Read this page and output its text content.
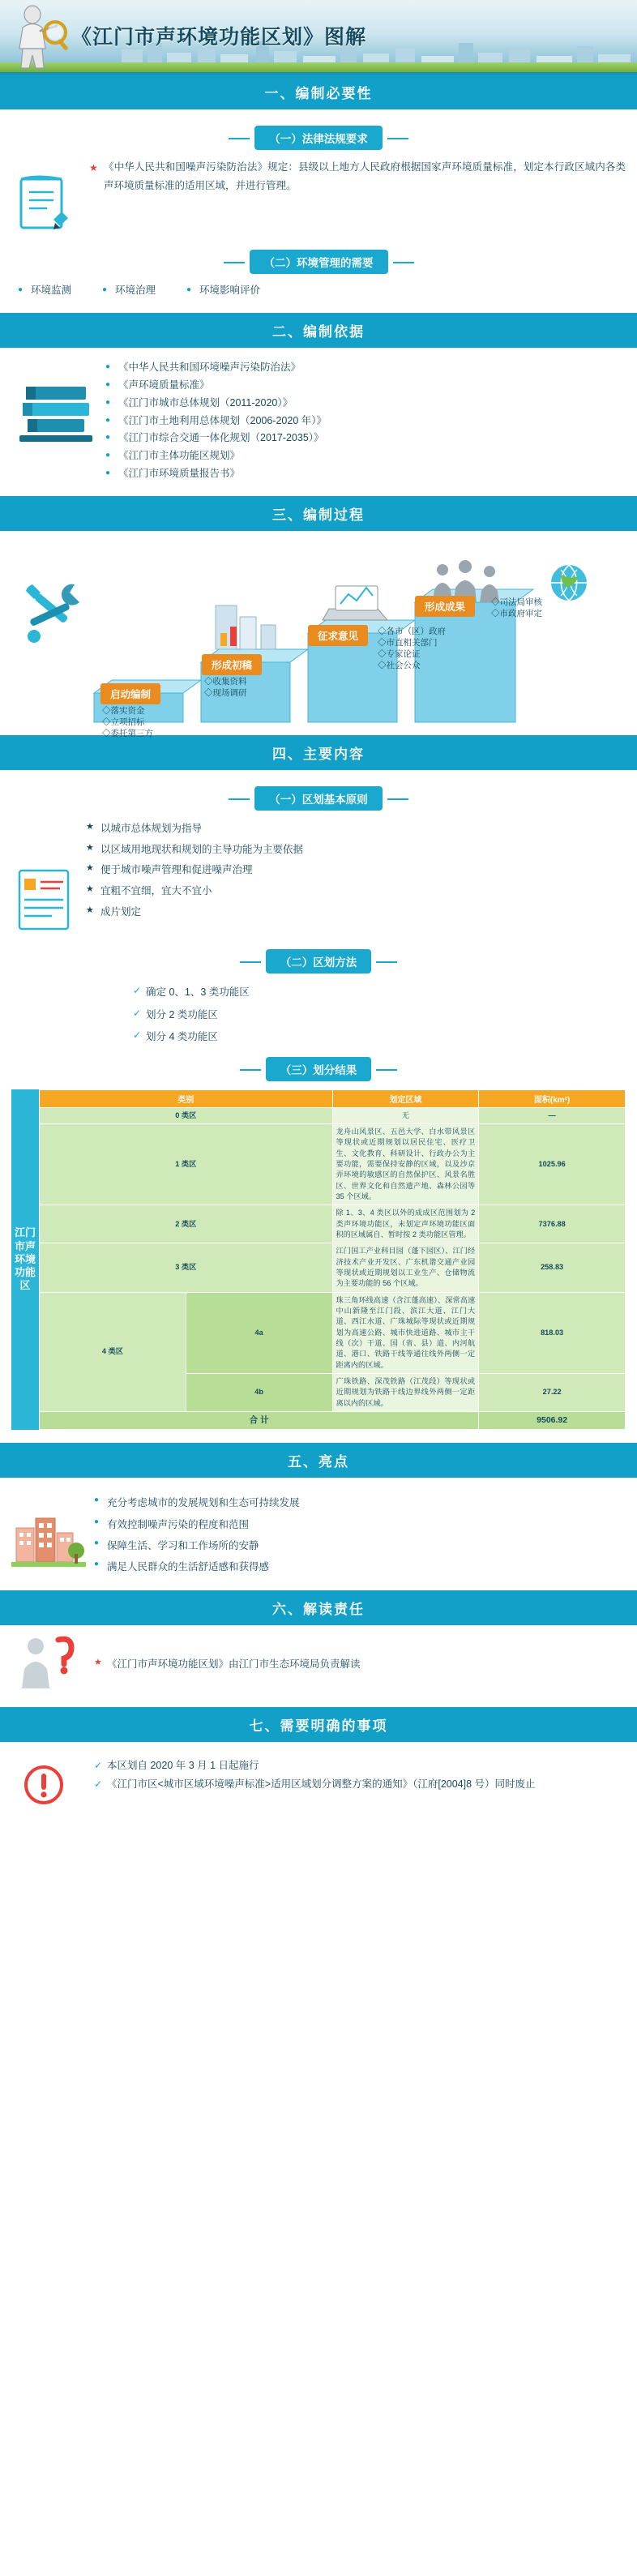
《江门市声环境功能区划》图解
一、编制必要性
（一）法律法规要求
★ 《中华人民共和国噪声污染防治法》规定：县级以上地方人民政府根据国家声环境质量标准，划定本行政区域内各类声环境质量标准的适用区域，并进行管理。
（二）环境管理的需要
● 环境监测	● 环境治理	● 环境影响评价
二、编制依据
● 《中华人民共和国环境噪声污染防治法》
● 《声环境质量标准》
● 《江门市城市总体规划（2011-2020）》
● 《江门市土地利用总体规划（2006-2020 年）》
● 《江门市综合交通一体化规划（2017-2035）》
● 《江门市主体功能区规划》
● 《江门市环境质量报告书》
三、编制过程
启动编制
形成初稿
征求意见
形成成果
◇落实资金
◇立项招标
◇委托第三方
◇收集资料
◇现场调研
◇各市（区）政府
◇市直相关部门
◇专家论证
◇社会公众
◇司法局审核
◇市政府审定
四、主要内容
（一）区划基本原则
★ 以城市总体规划为指导
★ 以区域用地现状和规划的主导功能为主要依据
★ 便于城市噪声管理和促进噪声治理
★ 宜粗不宜细，宜大不宜小
★ 成片划定
（二）区划方法
✓ 确定 0、1、3 类功能区
✓ 划分 2 类功能区
✓ 划分 4 类功能区
（三）划分结果
江门市声环境功能区
类别		划定区域	面积(km²)
0 类区		无	—
1 类区		龙舟山风景区、五邑大学、白水带风景区等现状或近期规划以居民住宅、医疗卫生、文化教育、科研设计、行政办公为主要功能，需要保持安静的区域，以及沙京弄环境的敏感区的自然保护区、风景名胜区、世界文化和自然遗产地、森林公园等 35 个区域。	1025.96
2 类区		除 1、3、4 类区以外的成成区范围划为 2 类声环境功能区，未划定声环境功能区面积的区域属自、暂时按 2 类功能区管理。	7376.88
3 类区		江门国工产业科目园（蓬下园区）、江门经济技术产业开发区、广东机谐交通产业园等现状或近期规划以工业生产、仓储物流为主要功能的 56 个区域。	258.83
4 类区	4a	珠三角环线高速（含江蓬高速）、深常高速中山新隆至江门段、滨江大道、江门大道、西江水道、广珠城际等现状或近期规划为高速公路、城市快进道路、城市主干线（次）干道、国（省、县）道、内河航道、港口、铁路干线等通往线外两侧一定距离内的区域。	818.03
	4b	广珠铁路、深茂铁路（江茂段）等现状或近期规划为铁路干线边界线外两侧一定距离以内的区域。	27.22
合 计			9506.92
五、亮点
● 充分考虑城市的发展规划和生态可持续发展
● 有效控制噪声污染的程度和范围
● 保障生活、学习和工作场所的安静
● 满足人民群众的生活舒适感和获得感
六、解读责任
★ 《江门市声环境功能区划》由江门市生态环境局负责解读
七、需要明确的事项
✓ 本区划自 2020 年 3 月 1 日起施行
✓ 《江门市区<城市区域环境噪声标准>适用区域划分调整方案的通知》（江府[2004]8 号）同时废止
